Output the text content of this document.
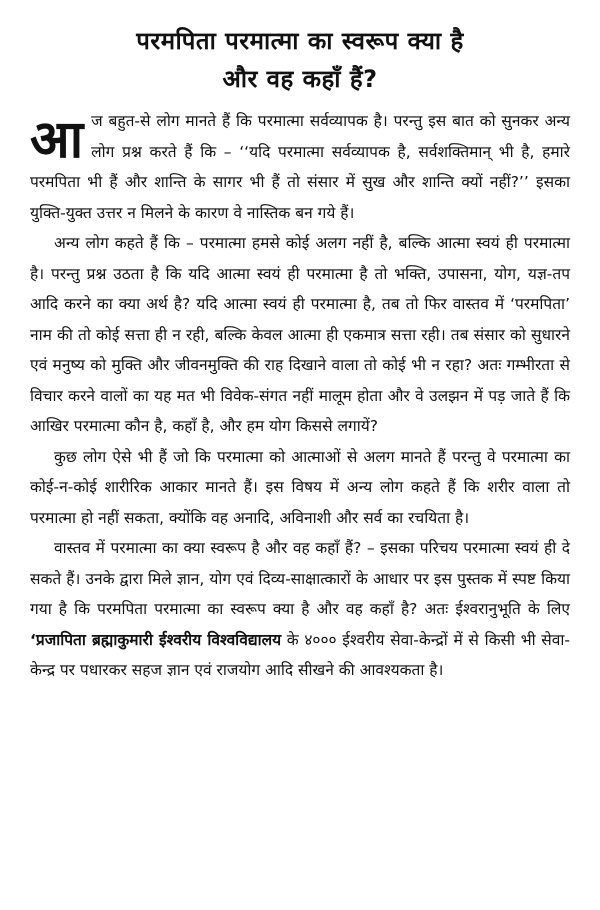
परमपिता परमात्मा का स्वरूप क्या है
और वह कहाँ हैं?

आज बहुत-से लोग मानते हैं कि परमात्मा सर्वव्यापक है। परन्तु इस बात को सुनकर अन्य लोग प्रश्न करते हैं कि – ‘‘यदि परमात्मा सर्वव्यापक है, सर्वशक्तिमान् भी है, हमारे परमपिता भी हैं और शान्ति के सागर भी हैं तो संसार में सुख और शान्ति क्यों नहीं?’’ इसका युक्ति-युक्त उत्तर न मिलने के कारण वे नास्तिक बन गये हैं।

अन्य लोग कहते हैं कि – परमात्मा हमसे कोई अलग नहीं है, बल्कि आत्मा स्वयं ही परमात्मा है। परन्तु प्रश्न उठता है कि यदि आत्मा स्वयं ही परमात्मा है तो भक्ति, उपासना, योग, यज्ञ-तप आदि करने का क्या अर्थ है? यदि आत्मा स्वयं ही परमात्मा है, तब तो फिर वास्तव में ‘परमपिता’ नाम की तो कोई सत्ता ही न रही, बल्कि केवल आत्मा ही एकमात्र सत्ता रही। तब संसार को सुधारने एवं मनुष्य को मुक्ति और जीवनमुक्ति की राह दिखाने वाला तो कोई भी न रहा? अतः गम्भीरता से विचार करने वालों का यह मत भी विवेक-संगत नहीं मालूम होता और वे उलझन में पड़ जाते हैं कि आखिर परमात्मा कौन है, कहाँ है, और हम योग किससे लगायें?

कुछ लोग ऐसे भी हैं जो कि परमात्मा को आत्माओं से अलग मानते हैं परन्तु वे परमात्मा का कोई-न-कोई शारीरिक आकार मानते हैं। इस विषय में अन्य लोग कहते हैं कि शरीर वाला तो परमात्मा हो नहीं सकता, क्योंकि वह अनादि, अविनाशी और सर्व का रचयिता है।

वास्तव में परमात्मा का क्या स्वरूप है और वह कहाँ हैं? – इसका परिचय परमात्मा स्वयं ही दे सकते हैं। उनके द्वारा मिले ज्ञान, योग एवं दिव्य-साक्षात्कारों के आधार पर इस पुस्तक में स्पष्ट किया गया है कि परमपिता परमात्मा का स्वरूप क्या है और वह कहाँ है? अतः ईश्वरानुभूति के लिए ‘प्रजापिता ब्रह्माकुमारी ईश्वरीय विश्वविद्यालय के ४००० ईश्वरीय सेवा-केन्द्रों में से किसी भी सेवा-केन्द्र पर पधारकर सहज ज्ञान एवं राजयोग आदि सीखने की आवश्यकता है।
